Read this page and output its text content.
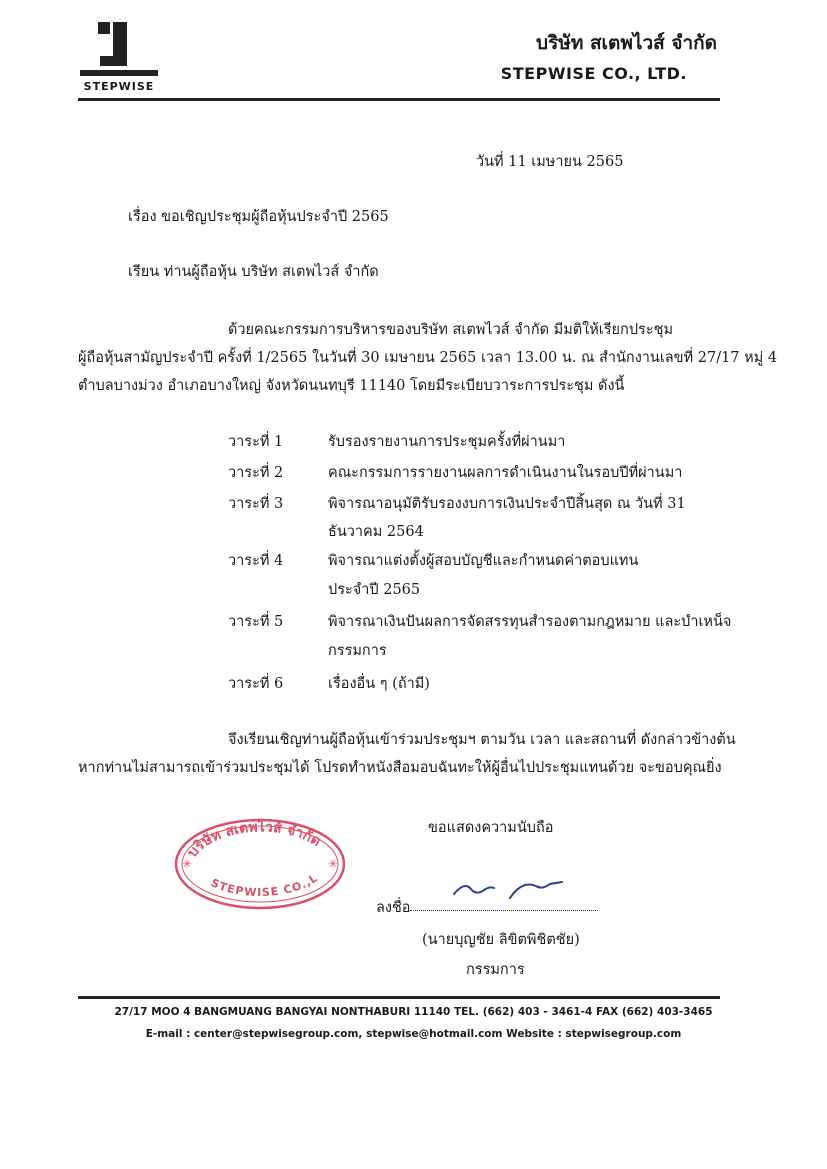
STEPWISE
บริษัท สเตพไวส์ จำกัด
STEPWISE CO., LTD.
วันที่ 11 เมษายน 2565
เรื่อง ขอเชิญประชุมผู้ถือหุ้นประจำปี 2565
เรียน ท่านผู้ถือหุ้น บริษัท สเตพไวส์ จำกัด
ด้วยคณะกรรมการบริหารของบริษัท สเตพไวส์ จำกัด มีมติให้เรียกประชุม
ผู้ถือหุ้นสามัญประจำปี ครั้งที่ 1/2565 ในวันที่ 30 เมษายน 2565 เวลา 13.00 น. ณ สำนักงานเลขที่ 27/17 หมู่ 4
ตำบลบางม่วง อำเภอบางใหญ่ จังหวัดนนทบุรี 11140 โดยมีระเบียบวาระการประชุม ดังนี้
วาระที่ 1	รับรองรายงานการประชุมครั้งที่ผ่านมา
วาระที่ 2	คณะกรรมการรายงานผลการดำเนินงานในรอบปีที่ผ่านมา
วาระที่ 3	พิจารณาอนุมัติรับรองงบการเงินประจำปีสิ้นสุด ณ วันที่ 31
ธันวาคม 2564
วาระที่ 4	พิจารณาแต่งตั้งผู้สอบบัญชีและกำหนดค่าตอบแทน
ประจำปี 2565
วาระที่ 5	พิจารณาเงินปันผลการจัดสรรทุนสำรองตามกฎหมาย และบำเหน็จ
กรรมการ
วาระที่ 6	เรื่องอื่น ๆ (ถ้ามี)
จึงเรียนเชิญท่านผู้ถือหุ้นเข้าร่วมประชุมฯ ตามวัน เวลา และสถานที่ ดังกล่าวข้างต้น
หากท่านไม่สามารถเข้าร่วมประชุมได้ โปรดทำหนังสือมอบฉันทะให้ผู้อื่นไปประชุมแทนด้วย จะขอบคุณยิ่ง
ขอแสดงความนับถือ
บริษัท สเตพไวส์ จำกัด
STEPWISE CO.,L
✳	✳
ลงชื่อ
(นายบุญชัย ลิขิตพิชิตชัย)
กรรมการ
27/17 MOO 4 BANGMUANG BANGYAI NONTHABURI 11140 TEL. (662) 403 - 3461-4 FAX (662) 403-3465
E-mail : center@stepwisegroup.com, stepwise@hotmail.com Website : stepwisegroup.com
